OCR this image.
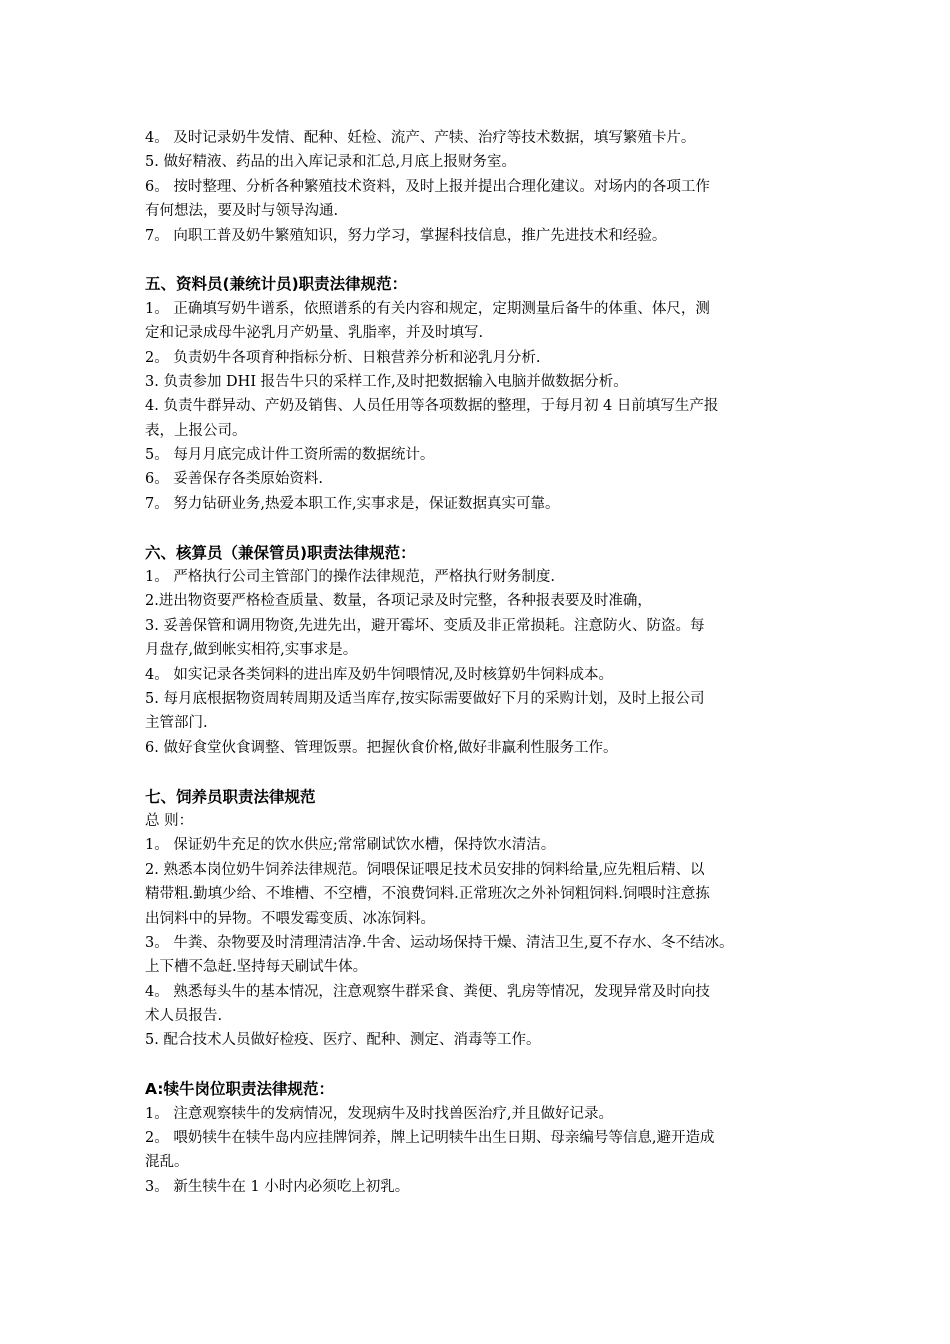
4。 及时记录奶牛发情、配种、妊检、流产、产犊、治疗等技术数据，填写繁殖卡片。
5. 做好精液、药品的出入库记录和汇总,月底上报财务室。
6。 按时整理、分析各种繁殖技术资料，及时上报并提出合理化建议。对场内的各项工作
有何想法，要及时与领导沟通.
7。 向职工普及奶牛繁殖知识，努力学习，掌握科技信息，推广先进技术和经验。
五、资料员(兼统计员)职责法律规范：
1。 正确填写奶牛谱系，依照谱系的有关内容和规定，定期测量后备牛的体重、体尺，测
定和记录成母牛泌乳月产奶量、乳脂率，并及时填写.
2。 负责奶牛各项育种指标分析、日粮营养分析和泌乳月分析.
3. 负责参加 DHI 报告牛只的采样工作,及时把数据输入电脑并做数据分析。
4. 负责牛群异动、产奶及销售、人员任用等各项数据的整理，于每月初 4 日前填写生产报
表，上报公司。
5。 每月月底完成计件工资所需的数据统计。
6。 妥善保存各类原始资料.
7。 努力钻研业务,热爱本职工作,实事求是，保证数据真实可靠。
六、核算员（兼保管员)职责法律规范：
1。 严格执行公司主管部门的操作法律规范，严格执行财务制度.
2.进出物资要严格检查质量、数量，各项记录及时完整，各种报表要及时准确，
3. 妥善保管和调用物资,先进先出，避开霉坏、变质及非正常损耗。注意防火、防盗。每
月盘存,做到帐实相符,实事求是。
4。 如实记录各类饲料的进出库及奶牛饲喂情况,及时核算奶牛饲料成本。
5. 每月底根据物资周转周期及适当库存,按实际需要做好下月的采购计划，及时上报公司
主管部门.
6. 做好食堂伙食调整、管理饭票。把握伙食价格,做好非赢利性服务工作。
七、饲养员职责法律规范
总 则：
1。 保证奶牛充足的饮水供应;常常刷试饮水槽，保持饮水清洁。
2. 熟悉本岗位奶牛饲养法律规范。饲喂保证喂足技术员安排的饲料给量,应先粗后精、以
精带粗.勤填少给、不堆槽、不空槽，不浪费饲料.正常班次之外补饲粗饲料.饲喂时注意拣
出饲料中的异物。不喂发霉变质、冰冻饲料。
3。 牛粪、杂物要及时清理清洁净.牛舍、运动场保持干燥、清洁卫生,夏不存水、冬不结冰。
上下槽不急赶.坚持每天刷试牛体。
4。 熟悉每头牛的基本情况，注意观察牛群采食、粪便、乳房等情况，发现异常及时向技
术人员报告.
5. 配合技术人员做好检疫、医疗、配种、测定、消毒等工作。
A:犊牛岗位职责法律规范：
1。 注意观察犊牛的发病情况，发现病牛及时找兽医治疗,并且做好记录。
2。 喂奶犊牛在犊牛岛内应挂牌饲养，牌上记明犊牛出生日期、母亲编号等信息,避开造成
混乱。
3。 新生犊牛在 1 小时内必须吃上初乳。
